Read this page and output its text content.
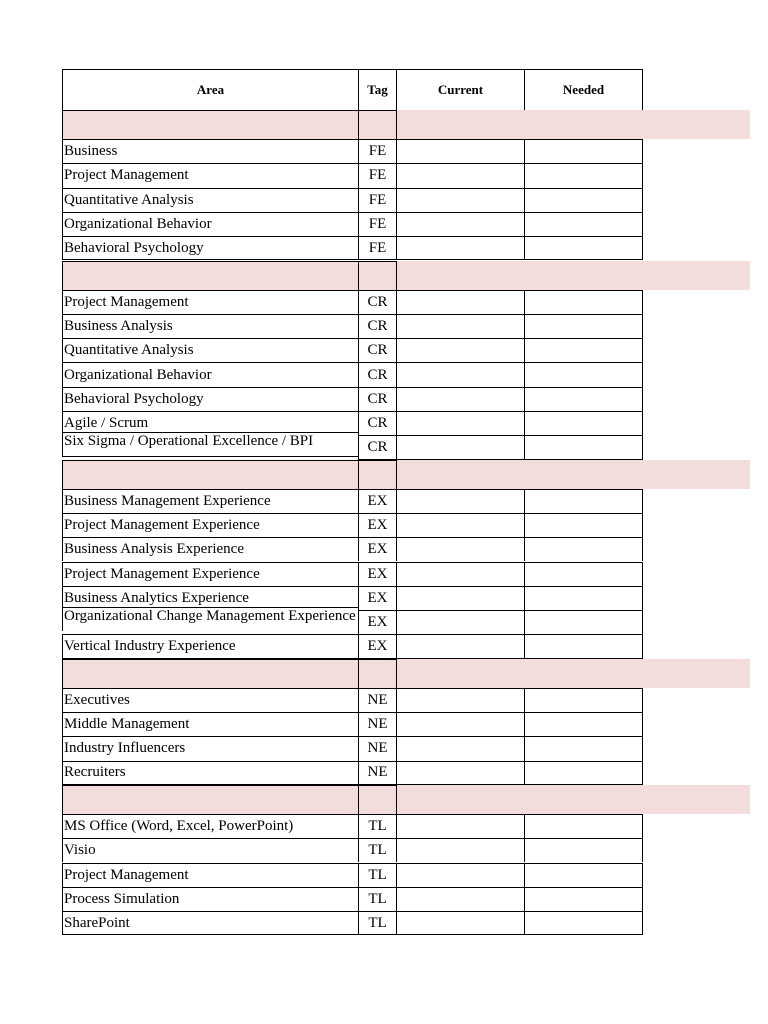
Area	Tag	Current	Needed
Business	FE
Project Management	FE
Quantitative Analysis	FE
Organizational Behavior	FE
Behavioral Psychology	FE
Project Management	CR
Business Analysis	CR
Quantitative Analysis	CR
Organizational Behavior	CR
Behavioral Psychology	CR
Agile / Scrum	CR
Six Sigma / Operational Excellence / BPI	CR
Business Management Experience	EX
Project Management Experience	EX
Business Analysis Experience	EX
Project Management Experience	EX
Business Analytics Experience	EX
Organizational Change Management Experience EX
Vertical Industry Experience	EX
Executives	NE
Middle Management	NE
Industry Influencers	NE
Recruiters	NE
MS Office (Word, Excel, PowerPoint)	TL
Visio	TL
Project Management	TL
Process Simulation	TL
SharePoint	TL
